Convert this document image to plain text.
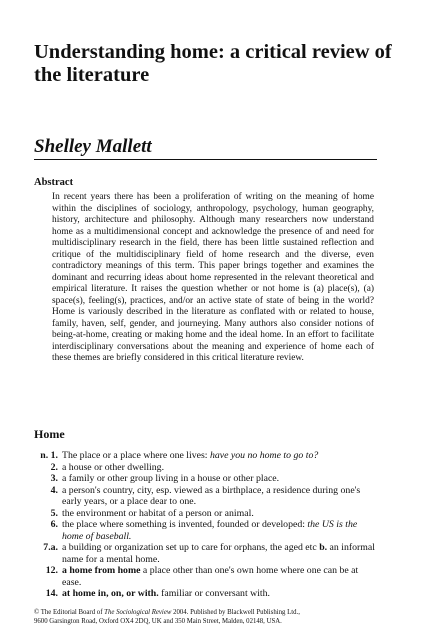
Understanding home: a critical review of the literature
Shelley Mallett
Abstract

In recent years there has been a proliferation of writing on the meaning of home within the disciplines of sociology, anthropology, psychology, human geography, history, architecture and philosophy. Although many researchers now understand home as a multidimensional concept and acknowledge the presence of and need for multidisciplinary research in the field, there has been little sustained reflection and critique of the multidisciplinary field of home research and the diverse, even contradictory meanings of this term. This paper brings together and examines the dominant and recurring ideas about home represented in the relevant theoretical and empirical literature. It raises the question whether or not home is (a) place(s), (a) space(s), feeling(s), practices, and/or an active state of state of being in the world? Home is variously described in the literature as conflated with or related to house, family, haven, self, gender, and journeying. Many authors also consider notions of being-at-home, creating or making home and the ideal home. In an effort to facilitate interdisciplinary conversations about the meaning and experience of home each of these themes are briefly considered in this critical literature review.

Home
n. 1. The place or a place where one lives: have you no home to go to?
2. a house or other dwelling.
3. a family or other group living in a house or other place.
4. a person's country, city, esp. viewed as a birthplace, a residence during one's early years, or a place dear to one.
5. the environment or habitat of a person or animal.
6. the place where something is invented, founded or developed: the US is the home of baseball.
7.a. a building or organization set up to care for orphans, the aged etc b. an informal name for a mental home.
12. a home from home a place other than one's own home where one can be at ease.
14. at home in, on, or with. familiar or conversant with.
© The Editorial Board of The Sociological Review 2004. Published by Blackwell Publishing Ltd.,
9600 Garsington Road, Oxford OX4 2DQ, UK and 350 Main Street, Malden, 02148, USA.
